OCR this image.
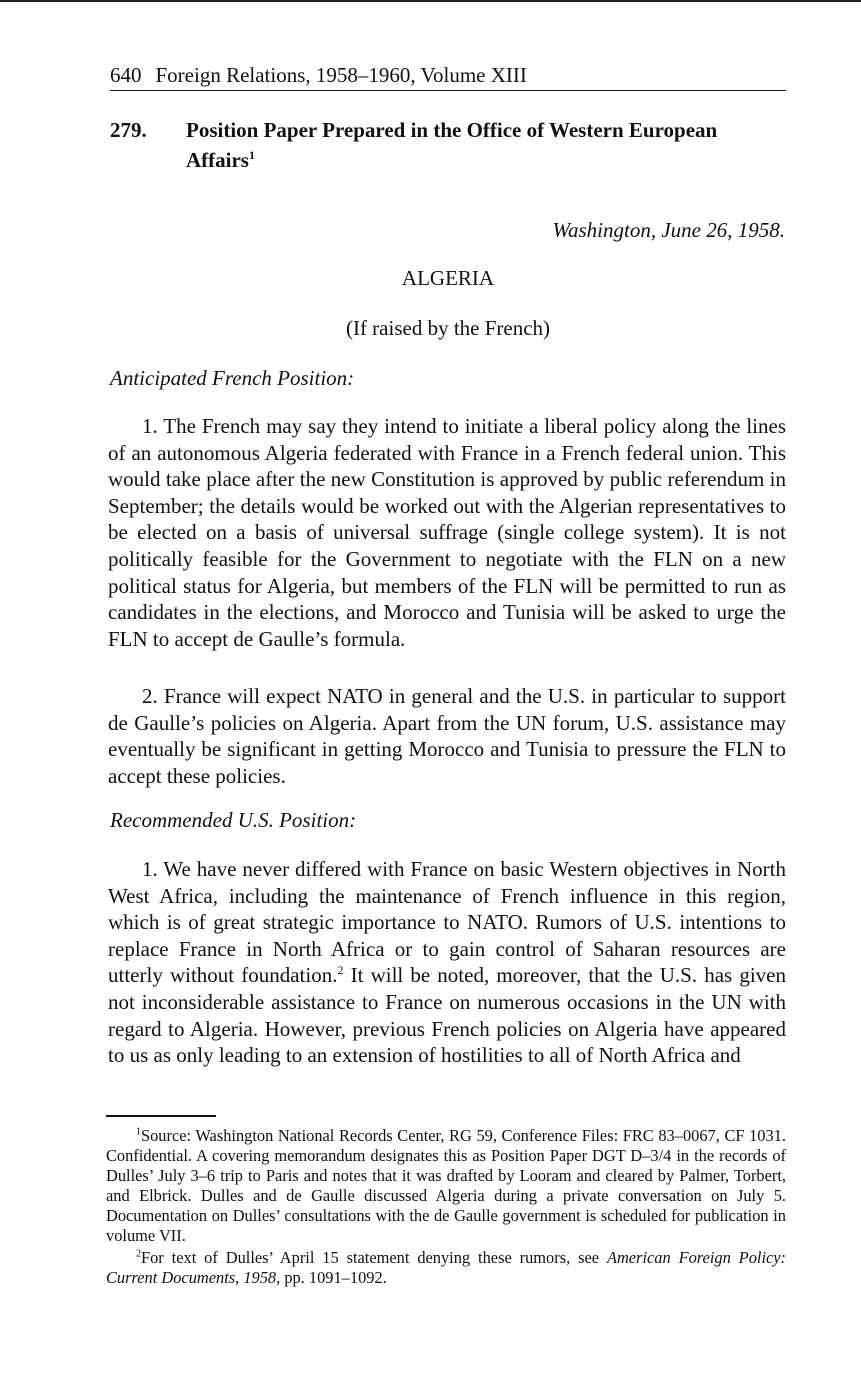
640 Foreign Relations, 1958–1960, Volume XIII
279. Position Paper Prepared in the Office of Western European Affairs$^1$
Washington, June 26, 1958.
ALGERIA
(If raised by the French)
Anticipated French Position:

1. The French may say they intend to initiate a liberal policy along the lines of an autonomous Algeria federated with France in a French federal union. This would take place after the new Constitution is approved by public referendum in September; the details would be worked out with the Algerian representatives to be elected on a basis of universal suffrage (single college system). It is not politically feasible for the Government to negotiate with the FLN on a new political status for Algeria, but members of the FLN will be permitted to run as candidates in the elections, and Morocco and Tunisia will be asked to urge the FLN to accept de Gaulle’s formula.

2. France will expect NATO in general and the U.S. in particular to support de Gaulle’s policies on Algeria. Apart from the UN forum, U.S. assistance may eventually be significant in getting Morocco and Tunisia to pressure the FLN to accept these policies.

Recommended U.S. Position:

1. We have never differed with France on basic Western objectives in North West Africa, including the maintenance of French influence in this region, which is of great strategic importance to NATO. Rumors of U.S. intentions to replace France in North Africa or to gain control of Saharan resources are utterly without foundation.$^2$ It will be noted, moreover, that the U.S. has given not inconsiderable assistance to France on numerous occasions in the UN with regard to Algeria. However, previous French policies on Algeria have appeared to us as only leading to an extension of hostilities to all of North Africa and

$^1$Source: Washington National Records Center, RG 59, Conference Files: FRC 83–0067, CF 1031. Confidential. A covering memorandum designates this as Position Paper DGT D–3/4 in the records of Dulles’ July 3–6 trip to Paris and notes that it was drafted by Looram and cleared by Palmer, Torbert, and Elbrick. Dulles and de Gaulle discussed Algeria during a private conversation on July 5. Documentation on Dulles’ consultations with the de Gaulle government is scheduled for publication in volume VII.

$^2$For text of Dulles’ April 15 statement denying these rumors, see American Foreign Policy: Current Documents, 1958, pp. 1091–1092.
